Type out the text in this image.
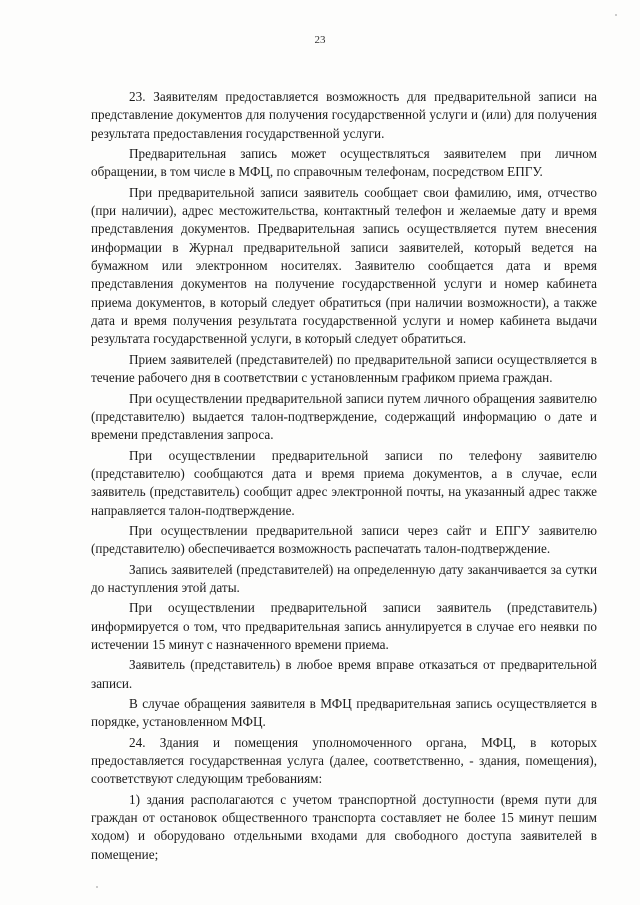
23

23. Заявителям предоставляется возможность для предварительной записи на представление документов для получения государственной услуги и (или) для получения результата предоставления государственной услуги.

Предварительная запись может осуществляться заявителем при личном обращении, в том числе в МФЦ, по справочным телефонам, посредством ЕПГУ.

При предварительной записи заявитель сообщает свои фамилию, имя, отчество (при наличии), адрес местожительства, контактный телефон и желаемые дату и время представления документов. Предварительная запись осуществляется путем внесения информации в Журнал предварительной записи заявителей, который ведется на бумажном или электронном носителях. Заявителю сообщается дата и время представления документов на получение государственной услуги и номер кабинета приема документов, в который следует обратиться (при наличии возможности), а также дата и время получения результата государственной услуги и номер кабинета выдачи результата государственной услуги, в который следует обратиться.

Прием заявителей (представителей) по предварительной записи осуществляется в течение рабочего дня в соответствии с установленным графиком приема граждан.

При осуществлении предварительной записи путем личного обращения заявителю (представителю) выдается талон-подтверждение, содержащий информацию о дате и времени представления запроса.

При осуществлении предварительной записи по телефону заявителю (представителю) сообщаются дата и время приема документов, а в случае, если заявитель (представитель) сообщит адрес электронной почты, на указанный адрес также направляется талон-подтверждение.

При осуществлении предварительной записи через сайт и ЕПГУ заявителю (представителю) обеспечивается возможность распечатать талон-подтверждение.

Запись заявителей (представителей) на определенную дату заканчивается за сутки до наступления этой даты.

При осуществлении предварительной записи заявитель (представитель) информируется о том, что предварительная запись аннулируется в случае его неявки по истечении 15 минут с назначенного времени приема.

Заявитель (представитель) в любое время вправе отказаться от предварительной записи.

В случае обращения заявителя в МФЦ предварительная запись осуществляется в порядке, установленном МФЦ.

24. Здания и помещения уполномоченного органа, МФЦ, в которых предоставляется государственная услуга (далее, соответственно, - здания, помещения), соответствуют следующим требованиям:

1) здания располагаются с учетом транспортной доступности (время пути для граждан от остановок общественного транспорта составляет не более 15 минут пешим ходом) и оборудовано отдельными входами для свободного доступа заявителей в помещение;
